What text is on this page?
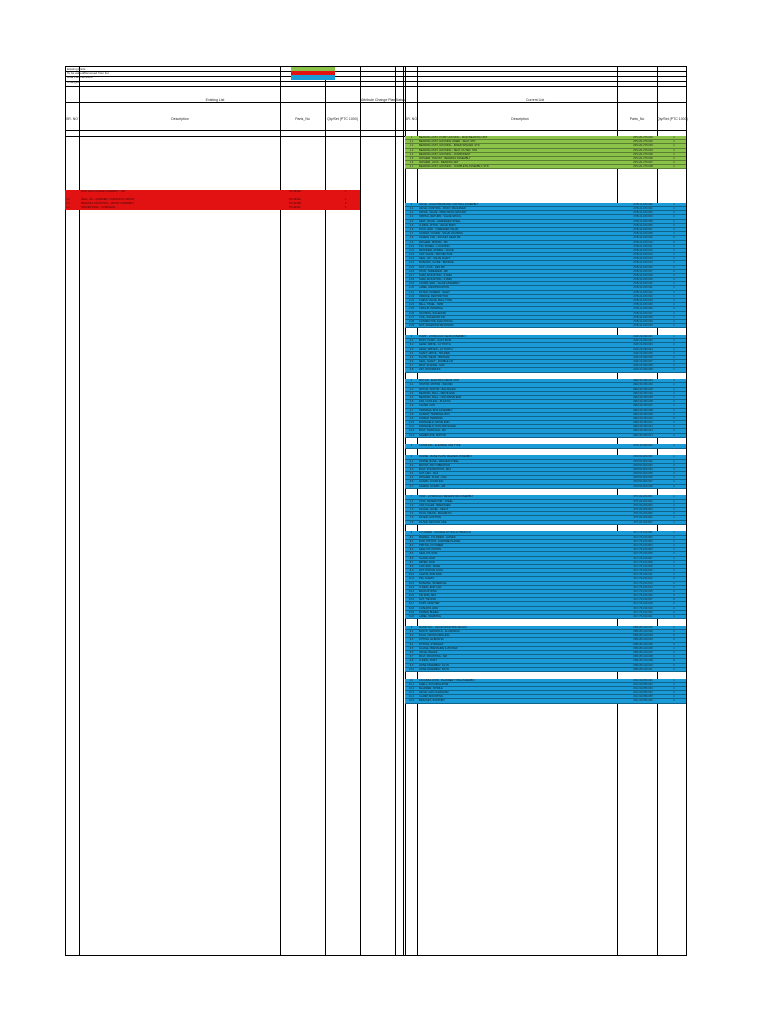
Existing Parts
To be added/Removed from list
Dual Part Numbers
Changes
Existing List	Current List
Attribute Change Plan Status
SR. NO	Description	Parts_No	Qty/Set (PTC 1000)	SR. NO	Description	Parts_No	Qty/Set (PTC 1000)
BOLT HEX FLANGE ASSEMBLY - M8	PS-3041H	1
1.2	SEAL, OIL - ASSEMBLY COMPLETE GROUP	PS-3042A	1
1.3	BRACKET, MOUNTING - FRONT ASSEMBLY	PS-3043B	2
1.4	SPACER RING - COMPLETE	PS-3044C	1
1	BEARING ASSY, PUMP HOUSING - MAIN BEARING UNIT	ZPG-81-275-001	1
1.1	BEARING ASSY, HOUSING INNER - SEAT, STD	ZPG-81-275-002	1
1.2	BEARING ASSY, HOUSING - INNER SPACER, STD	ZPG-81-275-003	1
1.3	BEARING ASSY, HOUSING - SEAT, OUTER, STD	ZPG-81-275-004	1
1.4	BEARING ASSY, HOUSING - COMPONENT	ZPG-81-275-005	1
1.5	WASHER, THRUST - BEARING ASSEMBLY	ZPG-81-275-006	2
1.6	WASHER, LOCK - BEARING SET	ZPG-81-275-007	2
1.7	BEARING ASSY, HOUSING - COMPLETE ASSEMBLY, STD	ZPG-81-275-008	1
2	VALVE - HIGH PRESSURE CONTROL ASSEMBLY	ZVB-41-180-001	1
2.1	VALVE, CONTROL - BODY, MACHINED	ZVB-41-180-002	1
2.2	SPOOL, VALVE - PRECISION GROUND	ZVB-41-180-003	1
2.3	SPRING, RETURN - VALVE SPOOL	ZVB-41-180-004	2
2.4	SEAT, VALVE - HARDENED STEEL	ZVB-41-180-005	1
2.5	O-RING, VITON - VALVE BODY	ZVB-41-180-006	4
2.6	PLUG, END - THREADED VALVE	ZVB-41-180-007	2
2.7	GASKET, COVER - VALVE HOUSING	ZVB-41-180-008	1
2.8	SCREW, CAP - SOCKET HEAD M6	ZVB-41-180-009	6
2.9	WASHER, SPRING - M6	ZVB-41-180-010	6
2.10	PIN, DOWEL - LOCATING	ZVB-41-180-011	2
2.11	RETAINER, SPRING - VALVE	ZVB-41-180-012	1
2.12	CAP, VALVE - PROTECTIVE	ZVB-41-180-013	1
2.13	SEAL, LIP - VALVE SHAFT	ZVB-41-180-014	1
2.14	BUSHING, GUIDE - BRONZE	ZVB-41-180-015	1
2.15	NUT, LOCK - HEX M8	ZVB-41-180-016	2
2.16	STUD, THREADED - M8	ZVB-41-180-017	2
2.17	SHIM, ADJUSTING - 0.1MM	ZVB-41-180-018	4
2.18	SHIM, ADJUSTING - 0.2MM	ZVB-41-180-019	4
2.19	COVER, END - VALVE ASSEMBLY	ZVB-41-180-020	1
2.20	LABEL, IDENTIFICATION	ZVB-41-180-021	1
2.21	FILTER, SCREEN - INLET	ZVB-41-180-022	1
2.22	ORIFICE, RESTRICTOR	ZVB-41-180-023	1
2.23	CHECK VALVE, BALL TYPE	ZVB-41-180-024	1
2.24	BALL, STEEL - 5MM	ZVB-41-180-025	1
2.25	CIRCLIP, INTERNAL	ZVB-41-180-026	2
2.26	HOUSING, SOLENOID	ZVB-41-180-027	1
2.27	COIL, SOLENOID 24V	ZVB-41-180-028	1
2.28	CONNECTOR, ELECTRICAL	ZVB-41-180-029	1
2.29	NUT, SOLENOID RETAINING	ZVB-41-180-030	1
3	PUMP - HYDRAULIC GEAR ASSEMBLY	ZHP-22-090-001	1
3.1	BODY, PUMP - CAST IRON	ZHP-22-090-002	1
3.2	GEAR, DRIVE - 12 TOOTH	ZHP-22-090-003	1
3.3	GEAR, DRIVEN - 12 TOOTH	ZHP-22-090-004	1
3.4	SHAFT, DRIVE - SPLINED	ZHP-22-090-005	1
3.5	PLATE, WEAR - BRONZE	ZHP-22-090-006	2
3.6	SEAL, SHAFT - DOUBLE LIP	ZHP-22-090-007	1
3.7	BOLT, FLANGE - M10	ZHP-22-090-008	4
3.8	KEY, WOODRUFF	ZHP-22-090-009	1
4	MOTOR - ELECTRIC DRIVE UNIT	ZEM-30-450-001	1
4.1	STATOR, MOTOR - WOUND	ZEM-30-450-002	1
4.2	ROTOR, MOTOR - BALANCED	ZEM-30-450-003	1
4.3	BEARING, BALL - DRIVE END	ZEM-30-450-004	1
4.4	BEARING, BALL - NON DRIVE END	ZEM-30-450-005	1
4.5	FAN, COOLING - PLASTIC	ZEM-30-450-006	1
4.6	COVER, FAN	ZEM-30-450-007	1
4.7	TERMINAL BOX ASSEMBLY	ZEM-30-450-008	1
4.8	GASKET, TERMINAL BOX	ZEM-30-450-009	1
4.9	SCREW, TERMINAL	ZEM-30-450-010	6
4.10	ENDSHIELD, DRIVE END	ZEM-30-450-011	1
4.11	ENDSHIELD, NON DRIVE END	ZEM-30-450-012	1
4.12	BOLT, THROUGH - M6	ZEM-30-450-013	4
4.13	NAMEPLATE, MOTOR	ZEM-30-450-014	1
5	COUPLING - FLEXIBLE JAW TYPE	ZCP-15-060-001	1
6	FRAME - BASE PLATE WELDED ASSEMBLY	ZFR-50-900-001	1
6.1	FRAME, BASE - WELDED STEEL	ZFR-50-900-002	1
6.2	MOUNT, ANTI VIBRATION	ZFR-50-900-003	4
6.3	BOLT, FOUNDATION - M12	ZFR-50-900-004	4
6.4	NUT, HEX - M12	ZFR-50-900-005	4
6.5	WASHER, PLAIN - M12	ZFR-50-900-006	4
6.6	GUARD, COUPLING	ZFR-50-900-007	1
6.7	SCREW, GUARD - M6	ZFR-50-900-008	4
7	TANK - HYDRAULIC RESERVOIR ASSEMBLY	ZTK-60-200-001	1
7.1	TANK, RESERVOIR - STEEL	ZTK-60-200-002	1
7.2	CAP, FILLER - BREATHER	ZTK-60-200-003	1
7.3	GAUGE, LEVEL - SIGHT	ZTK-60-200-004	1
7.4	PLUG, DRAIN - MAGNETIC	ZTK-60-200-005	1
7.5	FILTER, SUCTION	ZTK-60-200-006	1
7.6	FILTER, RETURN LINE	ZTK-60-200-007	1
8	CYLINDER - DOUBLE ACTING HYDRAULIC	ZCY-70-310-001	1
8.1	BARREL, CYLINDER - HONED	ZCY-70-310-002	1
8.2	ROD, PISTON - CHROME PLATED	ZCY-70-310-003	1
8.3	PISTON, CYLINDER	ZCY-70-310-004	1
8.4	SEAL KIT, PISTON	ZCY-70-310-005	1
8.5	SEAL KIT, ROD	ZCY-70-310-006	1
8.6	GLAND, ROD	ZCY-70-310-007	1
8.7	WIPER, ROD	ZCY-70-310-008	1
8.8	CAP, END - BASE	ZCY-70-310-009	1
8.9	NUT, PISTON LOCK	ZCY-70-310-010	1
8.10	CLEVIS, ROD END	ZCY-70-310-011	1
8.11	PIN, CLEVIS	ZCY-70-310-012	2
8.12	BUSHING, SPHERICAL	ZCY-70-310-013	2
8.13	O-RING, END CAP	ZCY-70-310-014	2
8.14	BACKUP RING	ZCY-70-310-015	2
8.15	TIE ROD, M10	ZCY-70-310-016	4
8.16	NUT, TIE ROD	ZCY-70-310-017	8
8.17	PORT, ADAPTER	ZCY-70-310-018	2
8.18	CUSHION, END	ZCY-70-310-019	2
8.19	SCREW, BLEED	ZCY-70-310-020	2
8.20	LABEL, WARNING	ZCY-70-310-021	1
9	MANIFOLD - VALVE MOUNTING BLOCK	ZMF-80-120-001	1
9.1	BLOCK, MANIFOLD - ALUMINIUM	ZMF-80-120-002	1
9.2	PLUG, CROSS DRILLING	ZMF-80-120-003	6
9.3	FITTING, ELBOW 90	ZMF-80-120-004	2
9.4	FITTING, STRAIGHT	ZMF-80-120-005	4
9.5	GAUGE, PRESSURE 0-250 BAR	ZMF-80-120-006	1
9.6	VALVE, RELIEF	ZMF-80-120-007	1
9.7	BOLT, MOUNTING - M8	ZMF-80-120-008	4
9.8	O-RING, PORT	ZMF-80-120-009	8
9.9	HOSE ASSEMBLY, 1/2 IN	ZMF-80-120-010	2
9.10	HOSE ASSEMBLY, 3/8 IN	ZMF-80-120-011	2
10	ACCUMULATOR - BLADDER TYPE ASSEMBLY	ZAC-90-050-001	1
10.1	SHELL, ACCUMULATOR	ZAC-90-050-002	1
10.2	BLADDER, NITRILE	ZAC-90-050-003	1
10.3	VALVE, GAS CHARGING	ZAC-90-050-004	1
10.4	CLAMP, MOUNTING	ZAC-90-050-005	2
10.5	BRACKET, SUPPORT	ZAC-90-050-006	1
